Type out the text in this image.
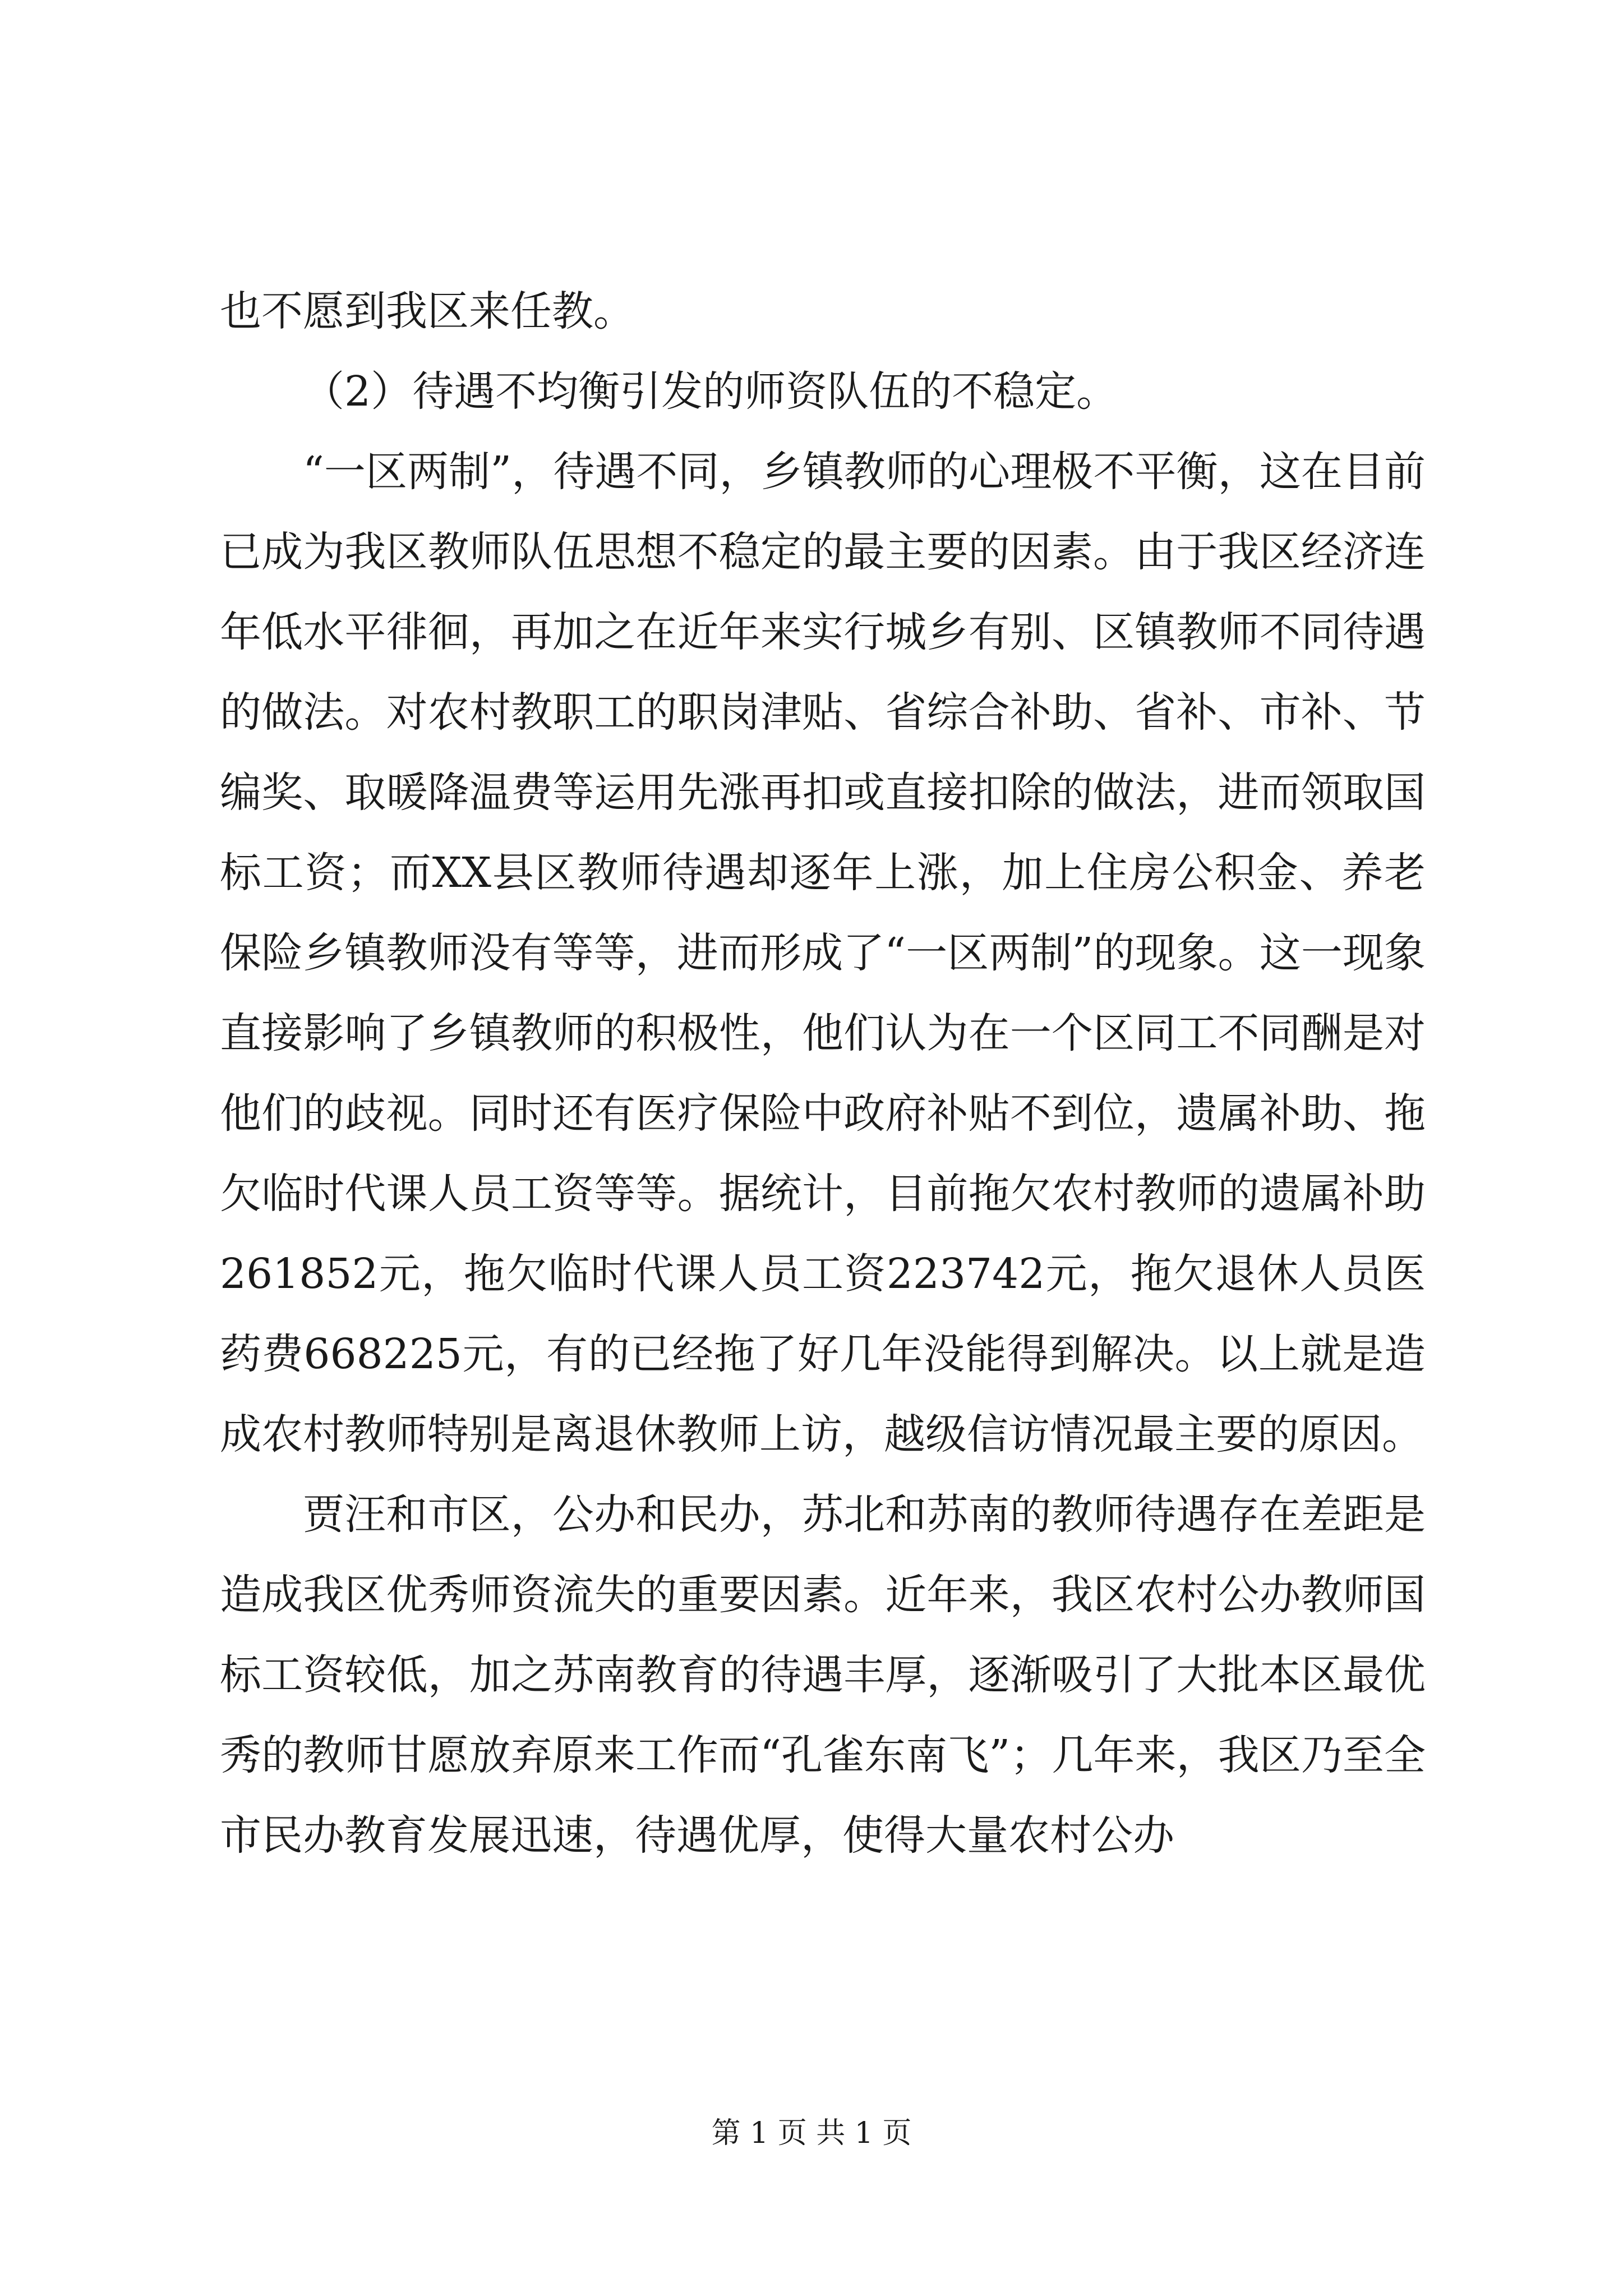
也不愿到我区来任教。

（2）待遇不均衡引发的师资队伍的不稳定。

“一区两制”，待遇不同，乡镇教师的心理极不平衡，这在目前已成为我区教师队伍思想不稳定的最主要的因素。由于我区经济连年低水平徘徊，再加之在近年来实行城乡有别、区镇教师不同待遇的做法。对农村教职工的职岗津贴、省综合补助、省补、市补、节编奖、取暖降温费等运用先涨再扣或直接扣除的做法，进而领取国标工资；而XX县区教师待遇却逐年上涨，加上住房公积金、养老保险乡镇教师没有等等，进而形成了“一区两制”的现象。这一现象直接影响了乡镇教师的积极性，他们认为在一个区同工不同酬是对他们的歧视。同时还有医疗保险中政府补贴不到位，遗属补助、拖欠临时代课人员工资等等。据统计，目前拖欠农村教师的遗属补助261852元，拖欠临时代课人员工资223742元，拖欠退休人员医药费668225元，有的已经拖了好几年没能得到解决。以上就是造成农村教师特别是离退休教师上访，越级信访情况最主要的原因。

贾汪和市区，公办和民办，苏北和苏南的教师待遇存在差距是造成我区优秀师资流失的重要因素。近年来，我区农村公办教师国标工资较低，加之苏南教育的待遇丰厚，逐渐吸引了大批本区最优秀的教师甘愿放弃原来工作而“孔雀东南飞”；几年来，我区乃至全市民办教育发展迅速，待遇优厚，使得大量农村公办

第 1 页 共 1 页
